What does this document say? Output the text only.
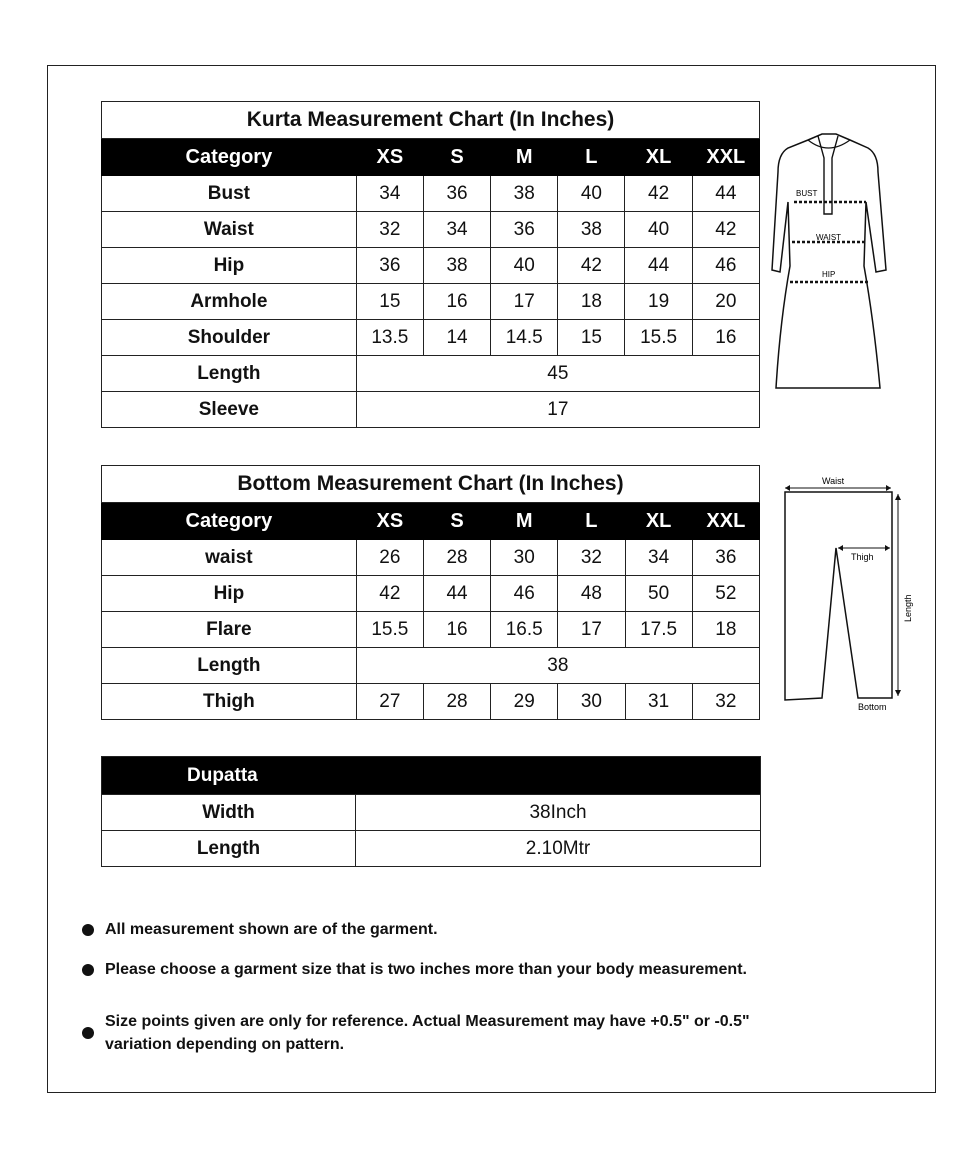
Kurta Measurement Chart (In Inches)						
Category	XS	S	M	L	XL	XXL
Bust	34	36	38	40	42	44
Waist	32	34	36	38	40	42
Hip	36	38	40	42	44	46
Armhole	15	16	17	18	19	20
Shoulder	13.5	14	14.5	15	15.5	16
Length	45					
Sleeve	17					
BUST
WAIST
HIP
Bottom Measurement Chart (In Inches)						
Category	XS	S	M	L	XL	XXL
waist	26	28	30	32	34	36
Hip	42	44	46	48	50	52
Flare	15.5	16	16.5	17	17.5	18
Length	38					
Thigh	27	28	29	30	31	32
Waist
Thigh
Length
Bottom
Dupatta	
Width	38Inch
Length	2.10Mtr
All measurement shown are of the garment.
Please choose a garment size that is two inches more than your body measurement.
Size points given are only for reference. Actual Measurement may have +0.5" or -0.5" variation depending on pattern.
